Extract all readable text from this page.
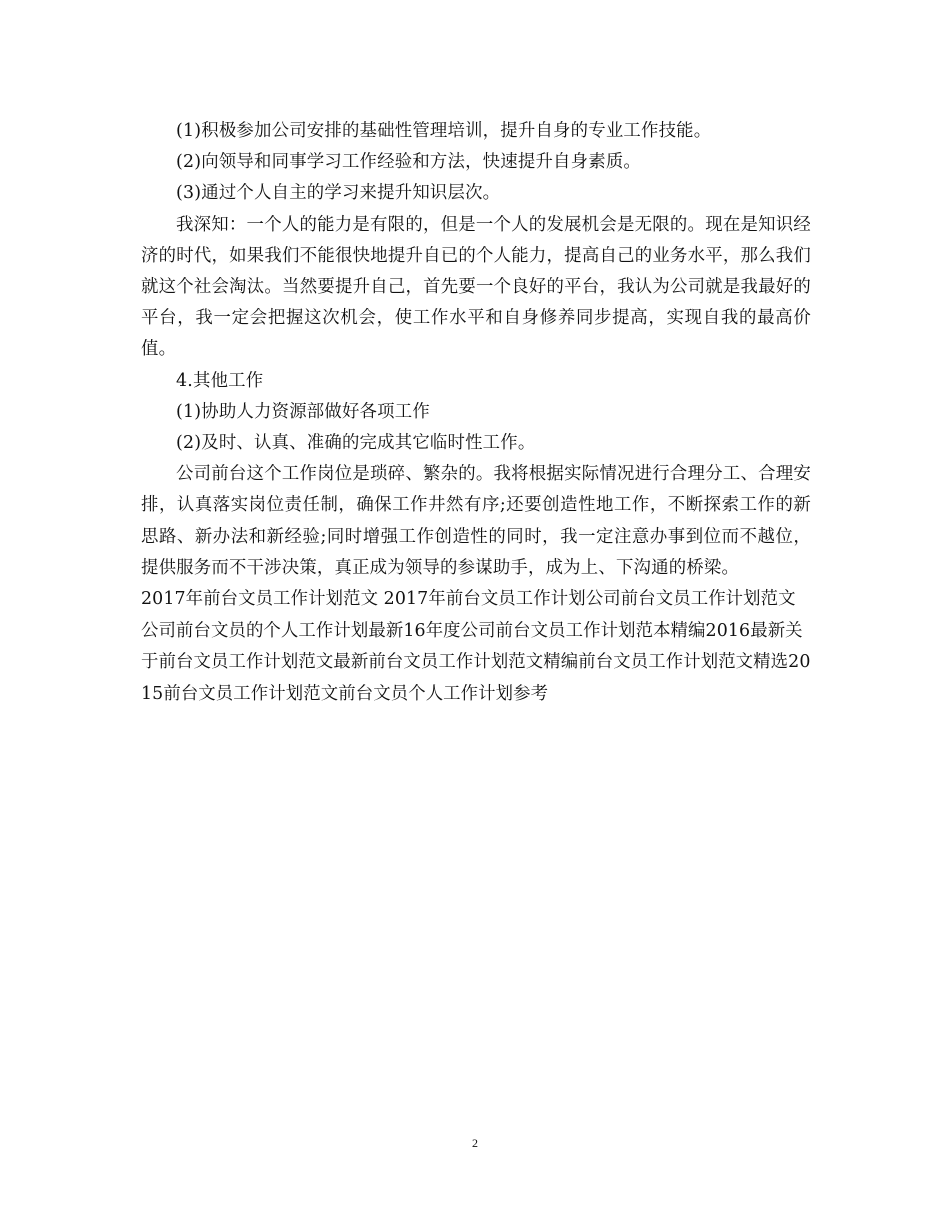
(1)积极参加公司安排的基础性管理培训，提升自身的专业工作技能。

(2)向领导和同事学习工作经验和方法，快速提升自身素质。

(3)通过个人自主的学习来提升知识层次。

我深知：一个人的能力是有限的，但是一个人的发展机会是无限的。现在是知识经济的时代，如果我们不能很快地提升自已的个人能力，提高自己的业务水平，那么我们就这个社会淘汰。当然要提升自己，首先要一个良好的平台，我认为公司就是我最好的平台，我一定会把握这次机会，使工作水平和自身修养同步提高，实现自我的最高价值。

4.其他工作

(1)协助人力资源部做好各项工作

(2)及时、认真、准确的完成其它临时性工作。

公司前台这个工作岗位是琐碎、繁杂的。我将根据实际情况进行合理分工、合理安排，认真落实岗位责任制，确保工作井然有序;还要创造性地工作，不断探索工作的新思路、新办法和新经验;同时增强工作创造性的同时，我一定注意办事到位而不越位，提供服务而不干涉决策，真正成为领导的参谋助手，成为上、下沟通的桥梁。

2017年前台文员工作计划范文 2017年前台文员工作计划公司前台文员工作计划范文公司前台文员的个人工作计划最新16年度公司前台文员工作计划范本精编2016最新关于前台文员工作计划范文最新前台文员工作计划范文精编前台文员工作计划范文精选2015前台文员工作计划范文前台文员个人工作计划参考

2
